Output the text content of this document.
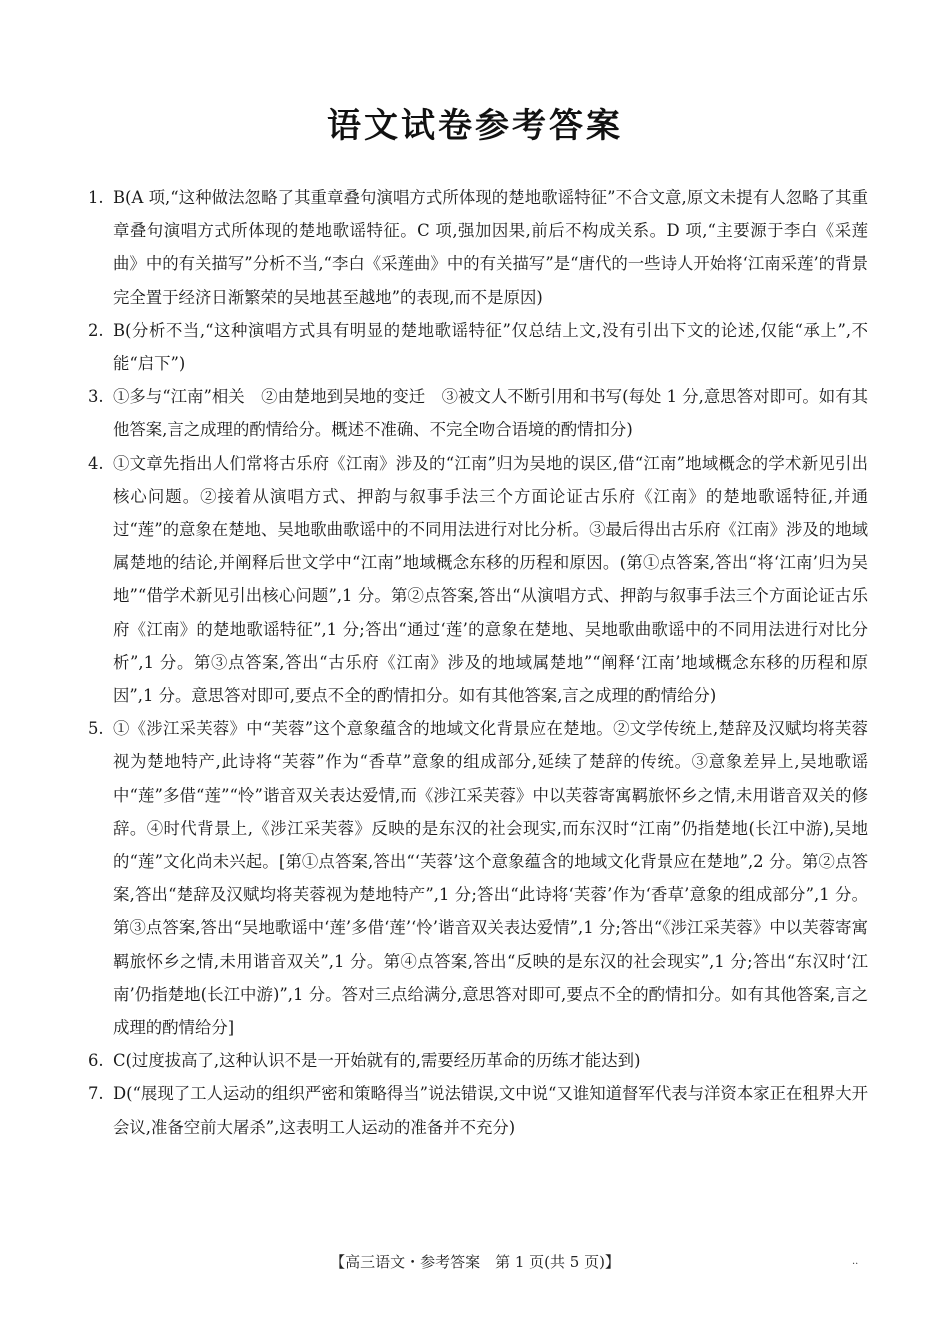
语文试卷参考答案
1. B(A 项,“这种做法忽略了其重章叠句演唱方式所体现的楚地歌谣特征”不合文意,原文未提有人忽略了其重章叠句演唱方式所体现的楚地歌谣特征。C 项,强加因果,前后不构成关系。D 项,“主要源于李白《采莲曲》中的有关描写”分析不当,“李白《采莲曲》中的有关描写”是“唐代的一些诗人开始将‘江南采莲’的背景完全置于经济日渐繁荣的吴地甚至越地”的表现,而不是原因)
2. B(分析不当,“这种演唱方式具有明显的楚地歌谣特征”仅总结上文,没有引出下文的论述,仅能“承上”,不能“启下”)
3. ①多与“江南”相关　②由楚地到吴地的变迁　③被文人不断引用和书写(每处 1 分,意思答对即可。如有其他答案,言之成理的酌情给分。概述不准确、不完全吻合语境的酌情扣分)
4. ①文章先指出人们常将古乐府《江南》涉及的“江南”归为吴地的误区,借“江南”地域概念的学术新见引出核心问题。②接着从演唱方式、押韵与叙事手法三个方面论证古乐府《江南》的楚地歌谣特征,并通过“莲”的意象在楚地、吴地歌曲歌谣中的不同用法进行对比分析。③最后得出古乐府《江南》涉及的地域属楚地的结论,并阐释后世文学中“江南”地域概念东移的历程和原因。(第①点答案,答出“将‘江南’归为吴地”“借学术新见引出核心问题”,1 分。第②点答案,答出“从演唱方式、押韵与叙事手法三个方面论证古乐府《江南》的楚地歌谣特征”,1 分;答出“通过‘莲’的意象在楚地、吴地歌曲歌谣中的不同用法进行对比分析”,1 分。第③点答案,答出“古乐府《江南》涉及的地域属楚地”“阐释‘江南’地域概念东移的历程和原因”,1 分。意思答对即可,要点不全的酌情扣分。如有其他答案,言之成理的酌情给分)
5. ①《涉江采芙蓉》中“芙蓉”这个意象蕴含的地域文化背景应在楚地。②文学传统上,楚辞及汉赋均将芙蓉视为楚地特产,此诗将“芙蓉”作为“香草”意象的组成部分,延续了楚辞的传统。③意象差异上,吴地歌谣中“莲”多借“莲”“怜”谐音双关表达爱情,而《涉江采芙蓉》中以芙蓉寄寓羁旅怀乡之情,未用谐音双关的修辞。④时代背景上,《涉江采芙蓉》反映的是东汉的社会现实,而东汉时“江南”仍指楚地(长江中游),吴地的“莲”文化尚未兴起。[第①点答案,答出“‘芙蓉’这个意象蕴含的地域文化背景应在楚地”,2 分。第②点答案,答出“楚辞及汉赋均将芙蓉视为楚地特产”,1 分;答出“此诗将‘芙蓉’作为‘香草’意象的组成部分”,1 分。第③点答案,答出“吴地歌谣中‘莲’多借‘莲’‘怜’谐音双关表达爱情”,1 分;答出“《涉江采芙蓉》中以芙蓉寄寓羁旅怀乡之情,未用谐音双关”,1 分。第④点答案,答出“反映的是东汉的社会现实”,1 分;答出“东汉时‘江南’仍指楚地(长江中游)”,1 分。答对三点给满分,意思答对即可,要点不全的酌情扣分。如有其他答案,言之成理的酌情给分]
6. C(过度拔高了,这种认识不是一开始就有的,需要经历革命的历练才能达到)
7. D(“展现了工人运动的组织严密和策略得当”说法错误,文中说“又谁知道督军代表与洋资本家正在租界大开会议,准备空前大屠杀”,这表明工人运动的准备并不充分)
【高三语文・参考答案　第 1 页(共 5 页)】	··
